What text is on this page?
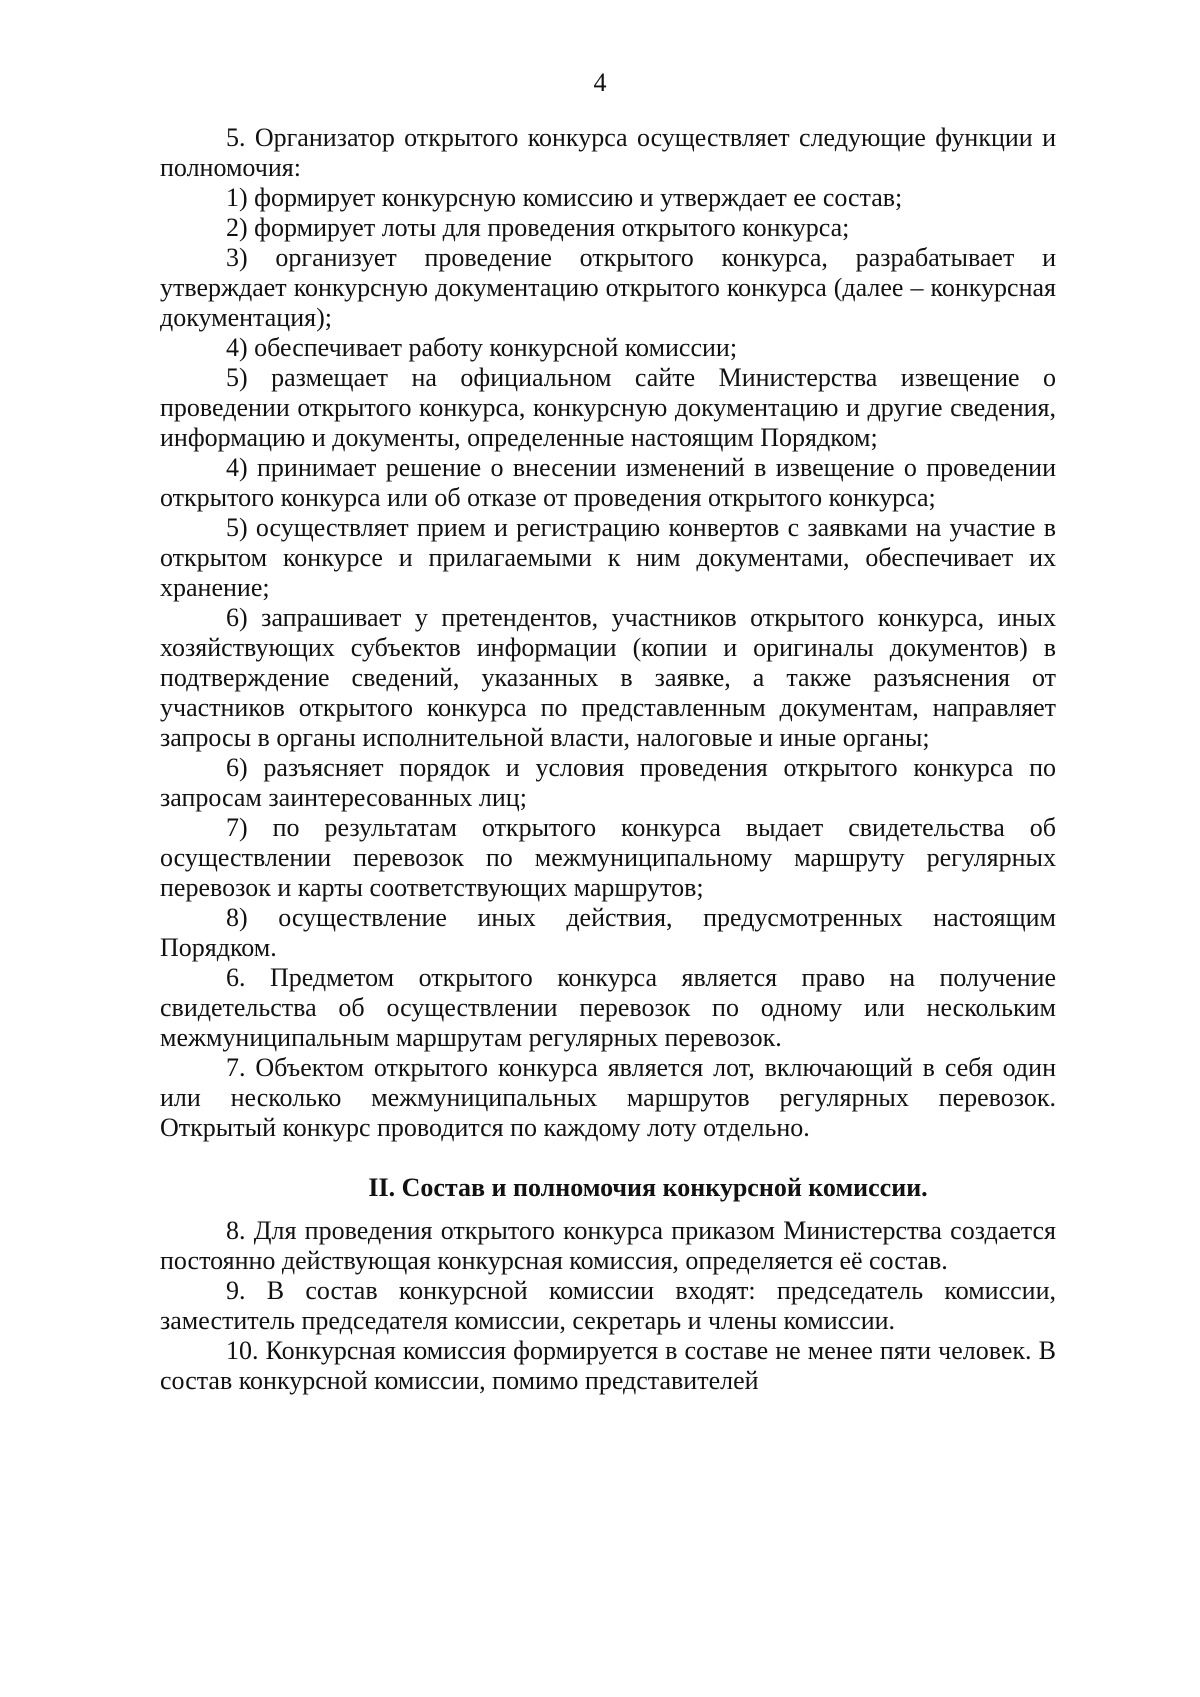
4

5. Организатор открытого конкурса осуществляет следующие функции и полномочия:

1) формирует конкурсную комиссию и утверждает ее состав;

2) формирует лоты для проведения открытого конкурса;

3) организует проведение открытого конкурса, разрабатывает и утверждает конкурсную документацию открытого конкурса (далее – конкурсная документация);

4) обеспечивает работу конкурсной комиссии;

5) размещает на официальном сайте Министерства извещение о проведении открытого конкурса, конкурсную документацию и другие сведения, информацию и документы, определенные настоящим Порядком;

4) принимает решение о внесении изменений в извещение о проведении открытого конкурса или об отказе от проведения открытого конкурса;

5) осуществляет прием и регистрацию конвертов с заявками на участие в открытом конкурсе и прилагаемыми к ним документами, обеспечивает их хранение;

6) запрашивает у претендентов, участников открытого конкурса, иных хозяйствующих субъектов информации (копии и оригиналы документов) в подтверждение сведений, указанных в заявке, а также разъяснения от участников открытого конкурса по представленным документам, направляет запросы в органы исполнительной власти, налоговые и иные органы;

6) разъясняет порядок и условия проведения открытого конкурса по запросам заинтересованных лиц;

7) по результатам открытого конкурса выдает свидетельства об осуществлении перевозок по межмуниципальному маршруту регулярных перевозок и карты соответствующих маршрутов;

8) осуществление иных действия, предусмотренных настоящим Порядком.

6. Предметом открытого конкурса является право на получение свидетельства об осуществлении перевозок по одному или нескольким межмуниципальным маршрутам регулярных перевозок.

7. Объектом открытого конкурса является лот, включающий в себя один или несколько межмуниципальных маршрутов регулярных перевозок. Открытый конкурс проводится по каждому лоту отдельно.

II. Состав и полномочия конкурсной комиссии.

8. Для проведения открытого конкурса приказом Министерства создается постоянно действующая конкурсная комиссия, определяется её состав.

9. В состав конкурсной комиссии входят: председатель комиссии, заместитель председателя комиссии, секретарь и члены комиссии.

10. Конкурсная комиссия формируется в составе не менее пяти человек. В состав конкурсной комиссии, помимо представителей
